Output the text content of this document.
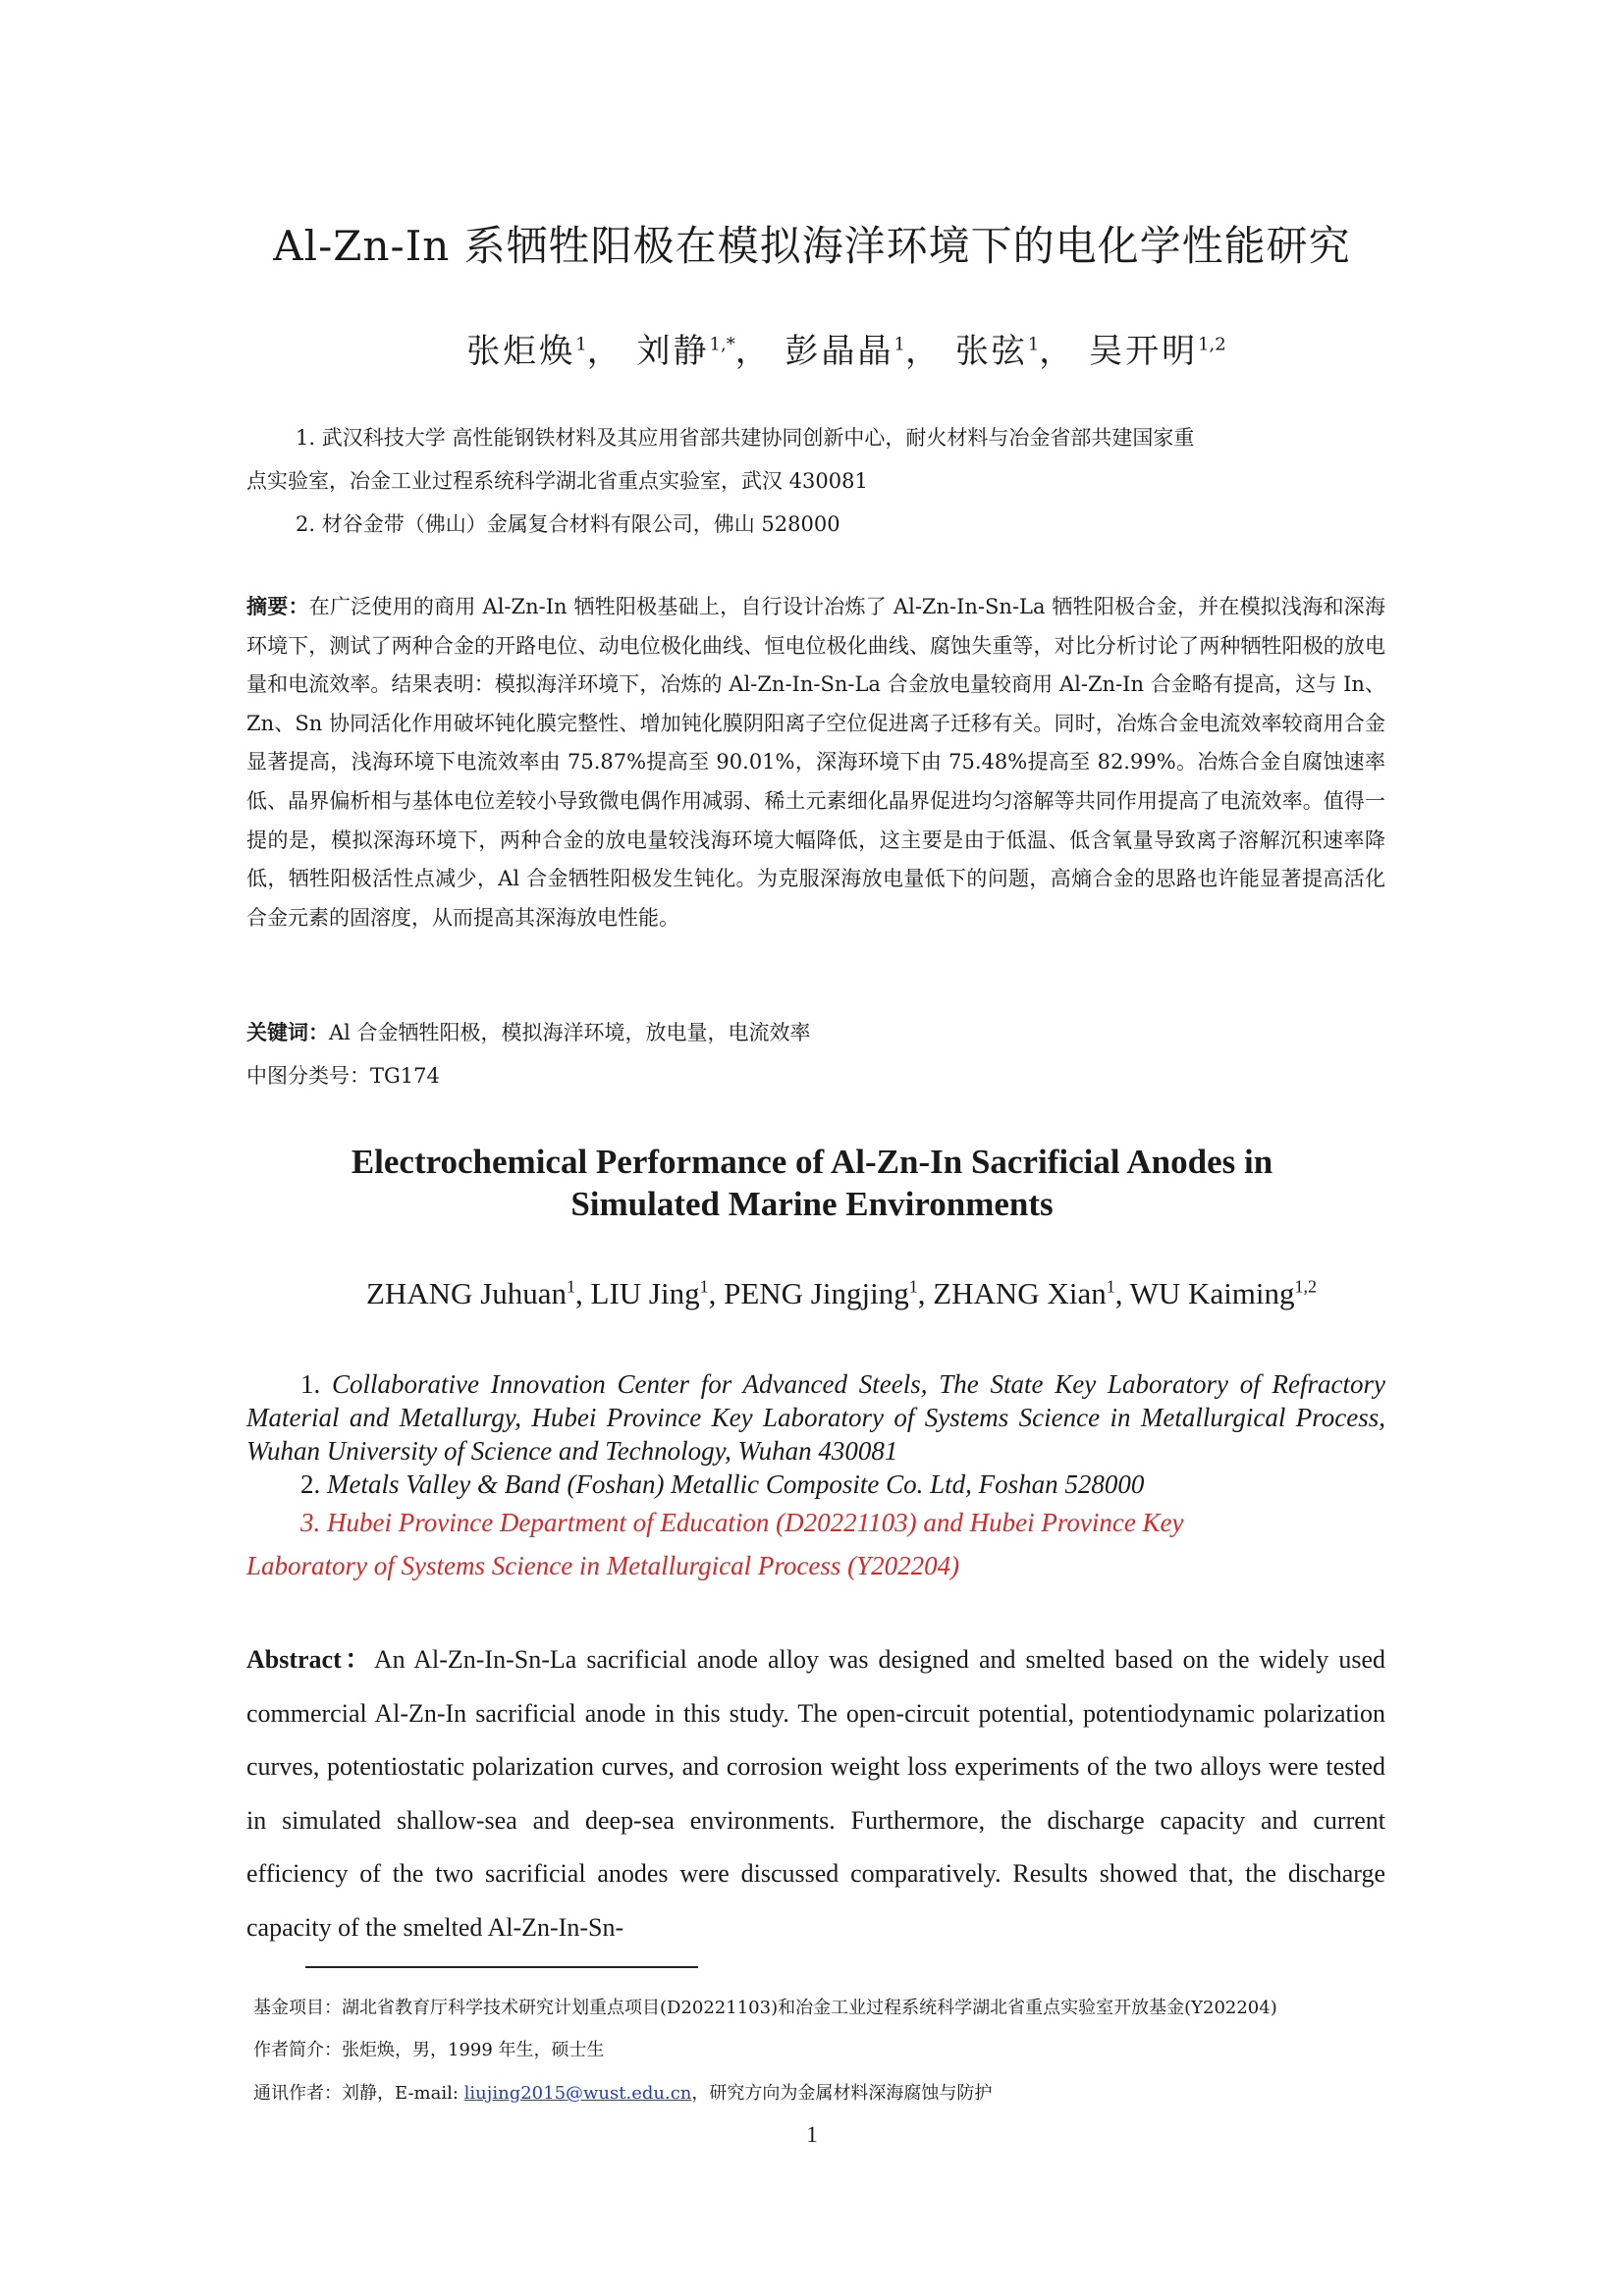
Al-Zn-In 系牺牲阳极在模拟海洋环境下的电化学性能研究
张炬焕$^1$， 刘静$^{1,*}$， 彭晶晶$^1$， 张弦$^1$， 吴开明$^{1,2}$
1. 武汉科技大学 高性能钢铁材料及其应用省部共建协同创新中心，耐火材料与冶金省部共建国家重
点实验室，冶金工业过程系统科学湖北省重点实验室，武汉 430081
2. 材谷金带（佛山）金属复合材料有限公司，佛山 528000
摘要：在广泛使用的商用 Al-Zn-In 牺牲阳极基础上，自行设计冶炼了 Al-Zn-In-Sn-La 牺牲阳极合金，并在模拟浅海和深海环境下，测试了两种合金的开路电位、动电位极化曲线、恒电位极化曲线、腐蚀失重等，对比分析讨论了两种牺牲阳极的放电量和电流效率。结果表明：模拟海洋环境下，冶炼的 Al-Zn-In-Sn-La 合金放电量较商用 Al-Zn-In 合金略有提高，这与 In、Zn、Sn 协同活化作用破坏钝化膜完整性、增加钝化膜阴阳离子空位促进离子迁移有关。同时，冶炼合金电流效率较商用合金显著提高，浅海环境下电流效率由 75.87%提高至 90.01%，深海环境下由 75.48%提高至 82.99%。冶炼合金自腐蚀速率低、晶界偏析相与基体电位差较小导致微电偶作用减弱、稀土元素细化晶界促进均匀溶解等共同作用提高了电流效率。值得一提的是，模拟深海环境下，两种合金的放电量较浅海环境大幅降低，这主要是由于低温、低含氧量导致离子溶解沉积速率降低，牺牲阳极活性点减少，Al 合金牺牲阳极发生钝化。为克服深海放电量低下的问题，高熵合金的思路也许能显著提高活化合金元素的固溶度，从而提高其深海放电性能。
关键词：Al 合金牺牲阳极，模拟海洋环境，放电量，电流效率
中图分类号：TG174
Electrochemical Performance of Al-Zn-In Sacrificial Anodes in
Simulated Marine Environments
ZHANG Juhuan$^1$, LIU Jing$^1$, PENG Jingjing$^1$, ZHANG Xian$^1$, WU Kaiming$^{1,2}$
1. Collaborative Innovation Center for Advanced Steels, The State Key Laboratory of Refractory Material and Metallurgy, Hubei Province Key Laboratory of Systems Science in Metallurgical Process, Wuhan University of Science and Technology, Wuhan 430081
2. Metals Valley & Band (Foshan) Metallic Composite Co. Ltd, Foshan 528000
3. Hubei Province Department of Education (D20221103) and Hubei Province Key
Laboratory of Systems Science in Metallurgical Process (Y202204)
Abstract：An Al-Zn-In-Sn-La sacrificial anode alloy was designed and smelted based on the widely used commercial Al-Zn-In sacrificial anode in this study. The open-circuit potential, potentiodynamic polarization curves, potentiostatic polarization curves, and corrosion weight loss experiments of the two alloys were tested in simulated shallow-sea and deep-sea environments. Furthermore, the discharge capacity and current efficiency of the two sacrificial anodes were discussed comparatively. Results showed that, the discharge capacity of the smelted Al-Zn-In-Sn-
基金项目：湖北省教育厅科学技术研究计划重点项目(D20221103)和冶金工业过程系统科学湖北省重点实验室开放基金(Y202204)
作者简介：张炬焕，男，1999 年生，硕士生
通讯作者：刘静，E-mail: liujing2015@wust.edu.cn，研究方向为金属材料深海腐蚀与防护
1
